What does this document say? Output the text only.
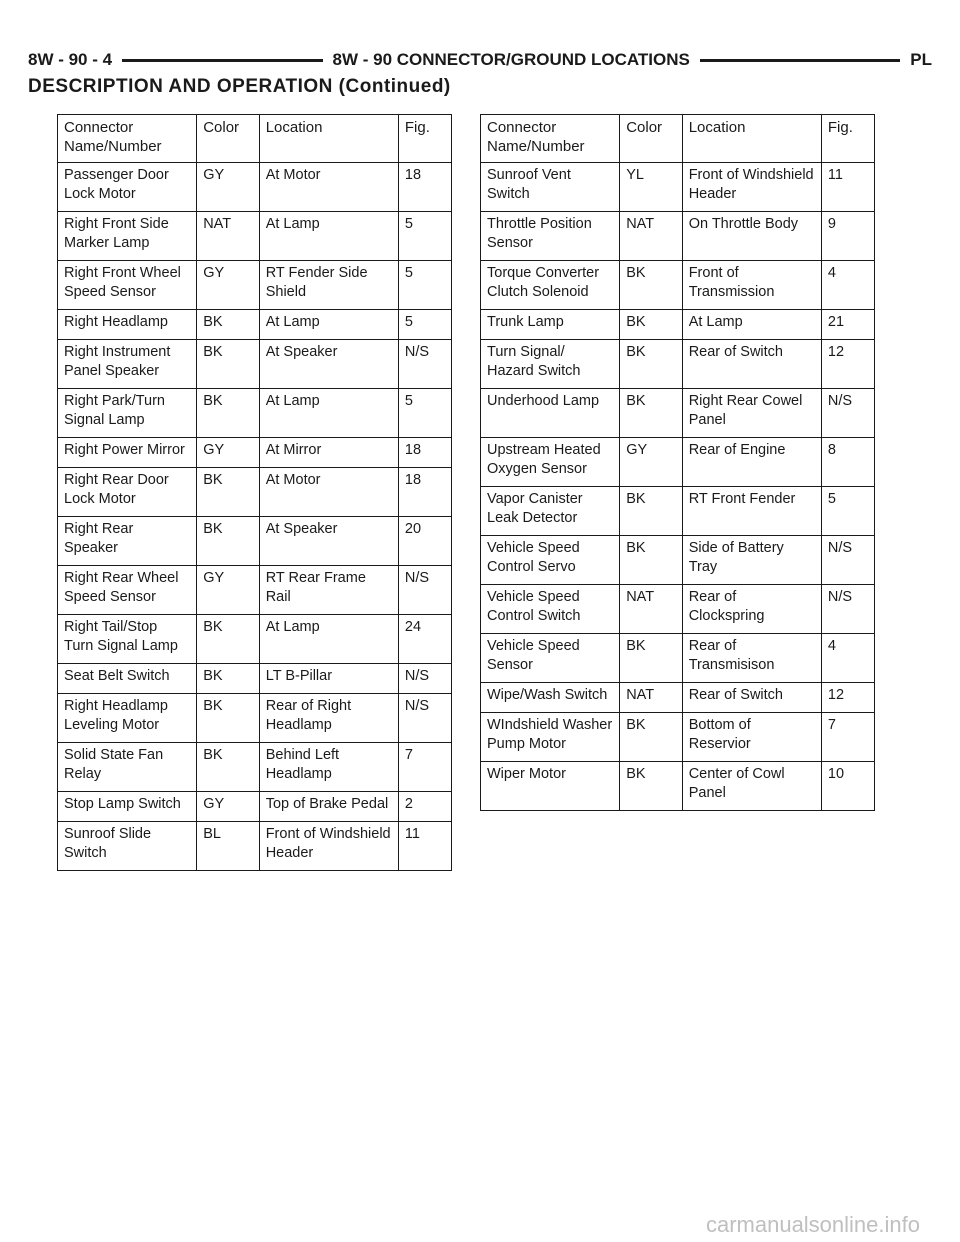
8W - 90 - 4	8W - 90 CONNECTOR/GROUND LOCATIONS	PL
DESCRIPTION AND OPERATION (Continued)
Connector Name/Number	Color	Location	Fig.
Passenger Door Lock Motor	GY	At Motor	18
Right Front Side Marker Lamp	NAT	At Lamp	5
Right Front Wheel Speed Sensor	GY	RT Fender Side Shield	5
Right Headlamp	BK	At Lamp	5
Right Instrument Panel Speaker	BK	At Speaker	N/S
Right Park/Turn Signal Lamp	BK	At Lamp	5
Right Power Mirror	GY	At Mirror	18
Right Rear Door Lock Motor	BK	At Motor	18
Right Rear Speaker	BK	At Speaker	20
Right Rear Wheel Speed Sensor	GY	RT Rear Frame Rail	N/S
Right Tail/Stop Turn Signal Lamp	BK	At Lamp	24
Seat Belt Switch	BK	LT B-Pillar	N/S
Right Headlamp Leveling Motor	BK	Rear of Right Headlamp	N/S
Solid State Fan Relay	BK	Behind Left Headlamp	7
Stop Lamp Switch	GY	Top of Brake Pedal	2
Sunroof Slide Switch	BL	Front of Windshield Header	11
Connector Name/Number	Color	Location	Fig.
Sunroof Vent Switch	YL	Front of Windshield Header	11
Throttle Position Sensor	NAT	On Throttle Body	9
Torque Converter Clutch Solenoid	BK	Front of Transmission	4
Trunk Lamp	BK	At Lamp	21
Turn Signal/ Hazard Switch	BK	Rear of Switch	12
Underhood Lamp	BK	Right Rear Cowel Panel	N/S
Upstream Heated Oxygen Sensor	GY	Rear of Engine	8
Vapor Canister Leak Detector	BK	RT Front Fender	5
Vehicle Speed Control Servo	BK	Side of Battery Tray	N/S
Vehicle Speed Control Switch	NAT	Rear of Clockspring	N/S
Vehicle Speed Sensor	BK	Rear of Transmisison	4
Wipe/Wash Switch	NAT	Rear of Switch	12
WIndshield Washer Pump Motor	BK	Bottom of Reservior	7
Wiper Motor	BK	Center of Cowl Panel	10
carmanualsonline.info
